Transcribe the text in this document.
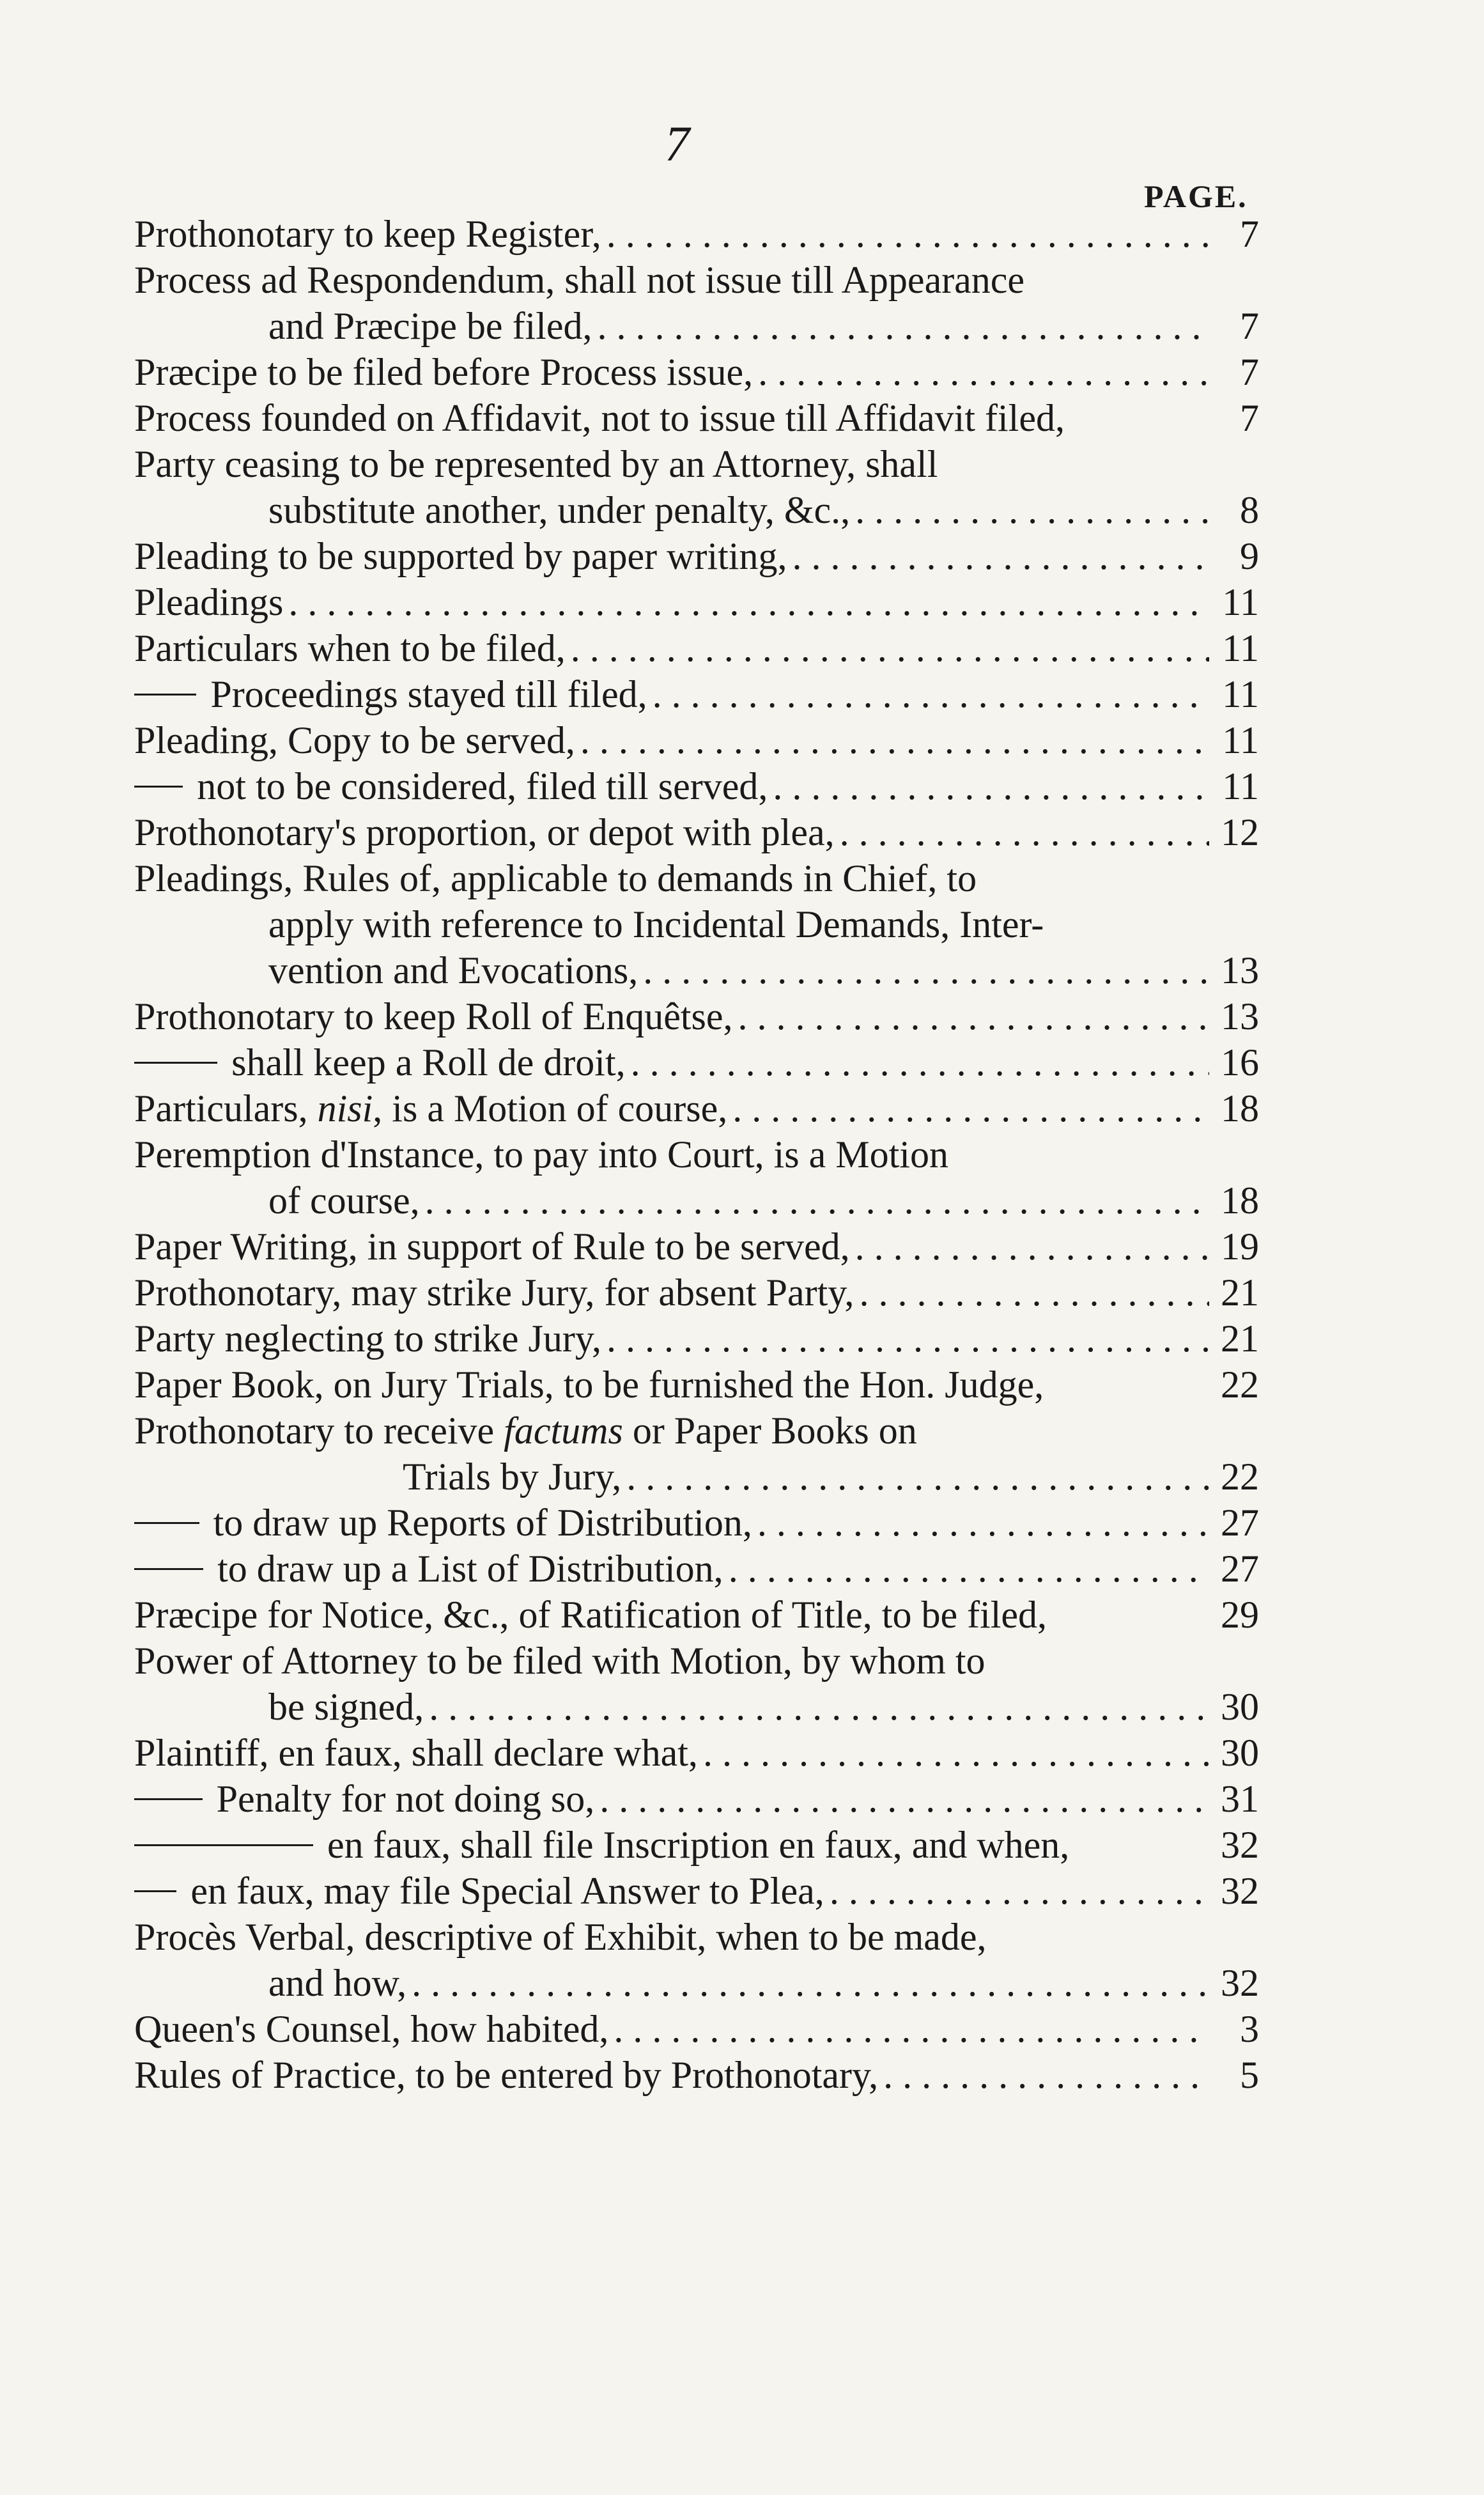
7
PAGE.
Prothonotary to keep Register, . . .	7
Process ad Respondendum, shall not issue till Appearance
and Præcipe be filed, . . .	7
Præcipe to be filed before Process issue, . . .	7
Process founded on Affidavit, not to issue till Affidavit filed,	7
Party ceasing to be represented by an Attorney, shall
substitute another, under penalty, &c., . . .	8
Pleading to be supported by paper writing, . . .	9
Pleadings . . .	11
Particulars when to be filed, . . .	11
Proceedings stayed till filed, . . .	11
Pleading, Copy to be served, . . .	11
not to be considered, filed till served, . . .	11
Prothonotary's proportion, or depot with plea, . . .	12
Pleadings, Rules of, applicable to demands in Chief, to
apply with reference to Incidental Demands, Inter-
vention and Evocations, . . .	13
Prothonotary to keep Roll of Enquêtse, . . .	13
shall keep a Roll de droit, . . .	16
Particulars, nisi, is a Motion of course, . . .	18
Peremption d'Instance, to pay into Court, is a Motion
of course, . . .	18
Paper Writing, in support of Rule to be served, . . .	19
Prothonotary, may strike Jury, for absent Party, . . .	21
Party neglecting to strike Jury, . . .	21
Paper Book, on Jury Trials, to be furnished the Hon. Judge,	22
Prothonotary to receive factums or Paper Books on
Trials by Jury, . . .	22
to draw up Reports of Distribution, . . .	27
to draw up a List of Distribution, . . .	27
Præcipe for Notice, &c., of Ratification of Title, to be filed,	29
Power of Attorney to be filed with Motion, by whom to
be signed, . . .	30
Plaintiff, en faux, shall declare what, . . .	30
Penalty for not doing so, . . .	31
en faux, shall file Inscription en faux, and when,	32
en faux, may file Special Answer to Plea, . . .	32
Procès Verbal, descriptive of Exhibit, when to be made,
and how, . . .	32
Queen's Counsel, how habited, . . .	3
Rules of Practice, to be entered by Prothonotary, . . .	5
